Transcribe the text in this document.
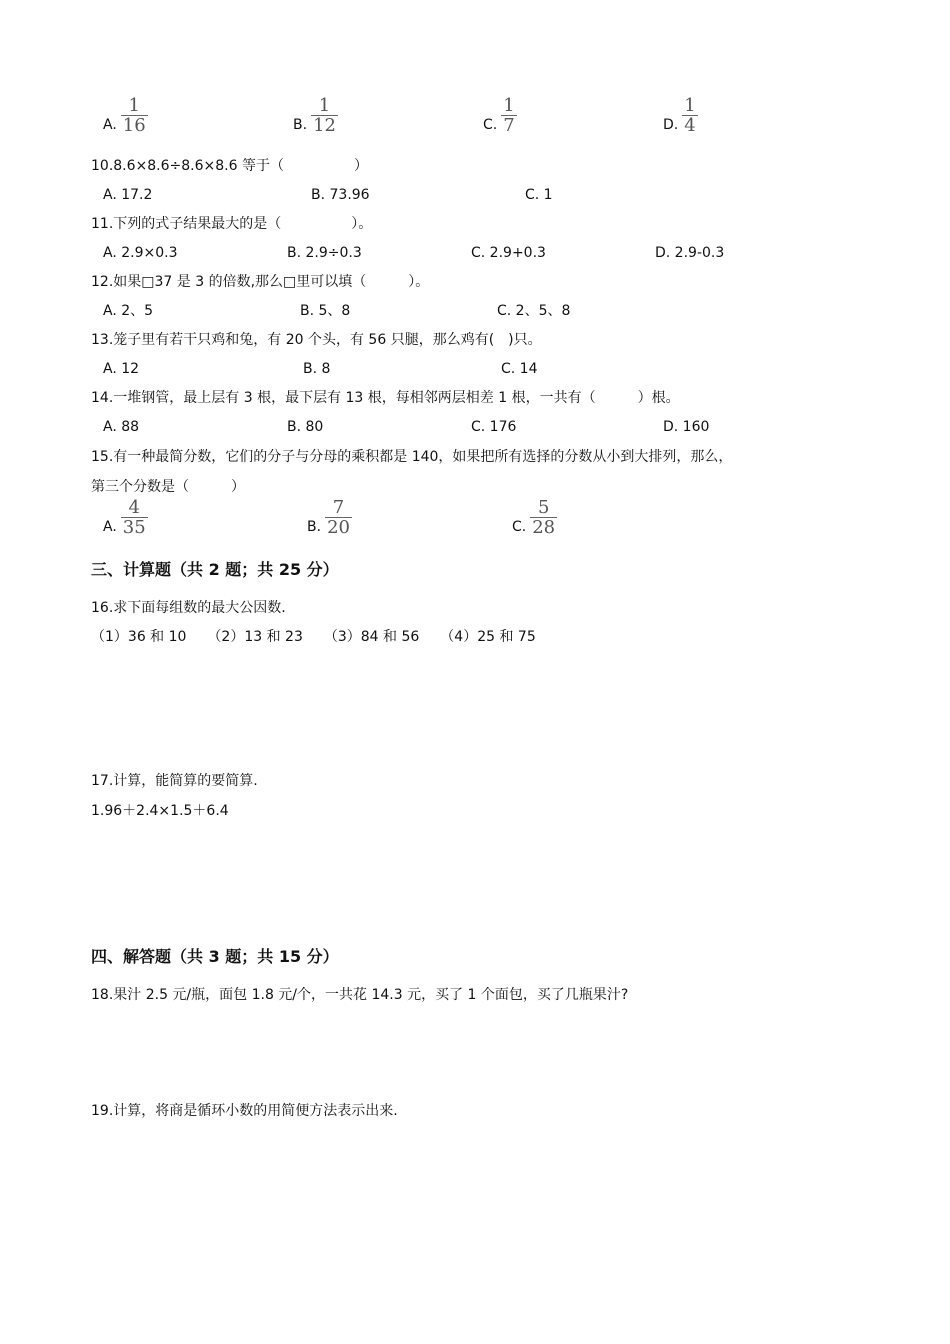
A. $\frac{1}{16}$	B. $\frac{1}{12}$	C. $\frac{1}{7}$	D. $\frac{1}{4}$
10.8.6×8.6÷8.6×8.6 等于（　　　　　）
A. 17.2	B. 73.96	C. 1
11.下列的式子结果最大的是（　　　　　）。
A. 2.9×0.3	B. 2.9÷0.3	C. 2.9+0.3	D. 2.9-0.3
12.如果□37 是 3 的倍数,那么□里可以填（　　　）。
A. 2、5	B. 5、8	C. 2、5、8
13.笼子里有若干只鸡和兔，有 20 个头，有 56 只腿，那么鸡有(　)只。
A. 12	B. 8	C. 14
14.一堆钢管，最上层有 3 根，最下层有 13 根，每相邻两层相差 1 根，一共有（　　　）根。
A. 88	B. 80	C. 176	D. 160
15.有一种最简分数，它们的分子与分母的乘积都是 140，如果把所有选择的分数从小到大排列，那么，
第三个分数是（　　　）
A. $\frac{4}{35}$	B. $\frac{7}{20}$	C. $\frac{5}{28}$
三、计算题（共 2 题；共 25 分）
16.求下面每组数的最大公因数.
（1）36 和 10　　（2）13 和 23　　（3）84 和 56　　（4）25 和 75
17.计算，能简算的要简算.
1.96＋2.4×1.5＋6.4
四、解答题（共 3 题；共 15 分）
18.果汁 2.5 元/瓶，面包 1.8 元/个，一共花 14.3 元，买了 1 个面包，买了几瓶果汁?
19.计算，将商是循环小数的用简便方法表示出来.
